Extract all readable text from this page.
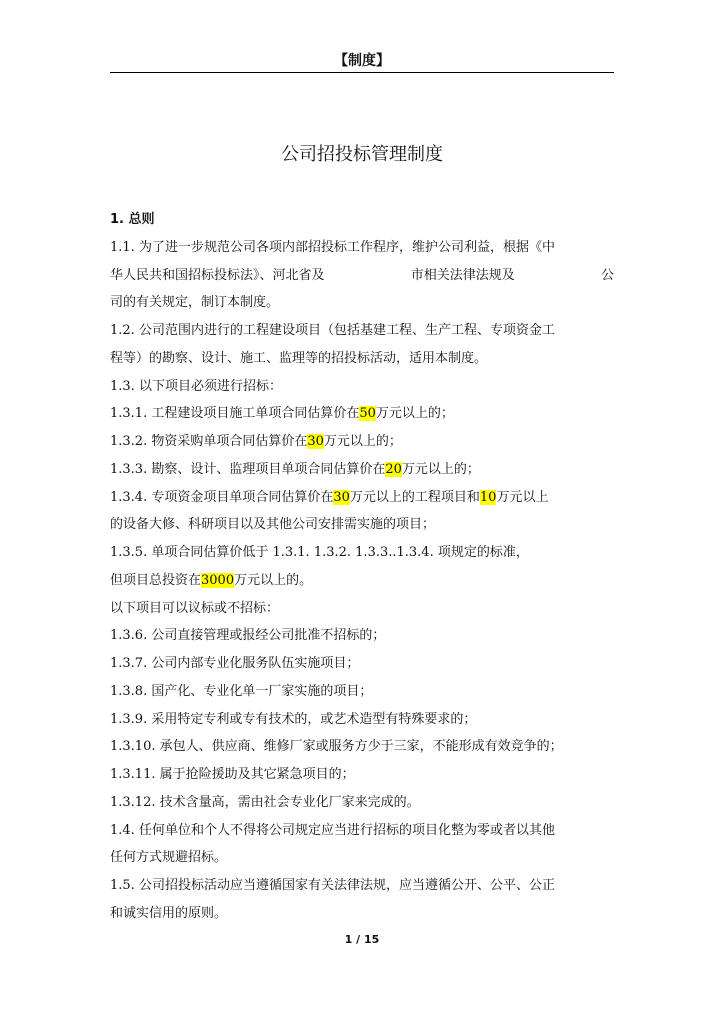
【制度】
公司招投标管理制度
1. 总则
1.1. 为了进一步规范公司各项内部招投标工作程序，维护公司利益，根据《中
华人民共和国招标投标法》、河北省及	市相关法律法规及	公
司的有关规定，制订本制度。
1.2. 公司范围内进行的工程建设项目（包括基建工程、生产工程、专项资金工
程等）的勘察、设计、施工、监理等的招投标活动，适用本制度。
1.3. 以下项目必须进行招标：
1.3.1. 工程建设项目施工单项合同估算价在50万元以上的；
1.3.2. 物资采购单项合同估算价在30万元以上的；
1.3.3. 勘察、设计、监理项目单项合同估算价在20万元以上的；
1.3.4. 专项资金项目单项合同估算价在30万元以上的工程项目和10万元以上
的设备大修、科研项目以及其他公司安排需实施的项目；
1.3.5. 单项合同估算价低于 1.3.1. 1.3.2. 1.3.3..1.3.4. 项规定的标准，
但项目总投资在3000万元以上的。
以下项目可以议标或不招标：
1.3.6. 公司直接管理或报经公司批准不招标的；
1.3.7. 公司内部专业化服务队伍实施项目；
1.3.8. 国产化、专业化单一厂家实施的项目；
1.3.9. 采用特定专利或专有技术的，或艺术造型有特殊要求的；
1.3.10. 承包人、供应商、维修厂家或服务方少于三家，不能形成有效竞争的；
1.3.11. 属于抢险援助及其它紧急项目的；
1.3.12. 技术含量高，需由社会专业化厂家来完成的。
1.4. 任何单位和个人不得将公司规定应当进行招标的项目化整为零或者以其他
任何方式规避招标。
1.5. 公司招投标活动应当遵循国家有关法律法规，应当遵循公开、公平、公正
和诚实信用的原则。
1 / 15
